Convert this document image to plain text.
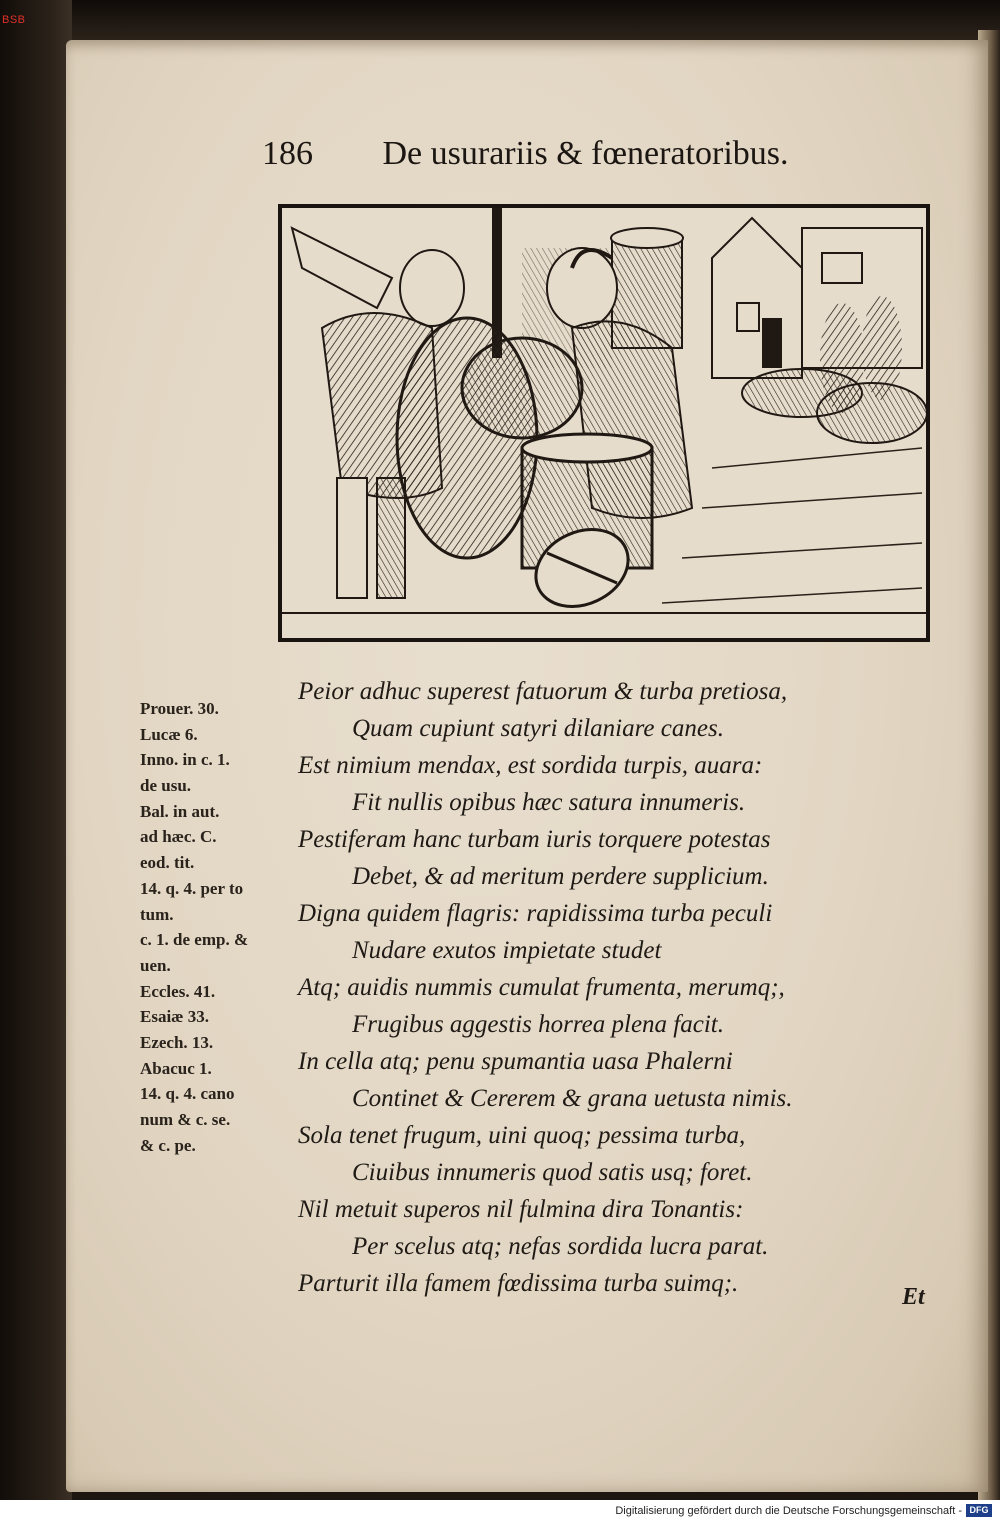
BSB
186 De usurariis & fœneratoribus.
Peior adhuc superest fatuorum & turba pretiosa,
Quam cupiunt satyri dilaniare canes.
Est nimium mendax, est sordida turpis, auara:
Fit nullis opibus hæc satura innumeris.
Pestiferam hanc turbam iuris torquere potestas
Debet, & ad meritum perdere supplicium.
Digna quidem flagris: rapidissima turba peculi
Nudare exutos impietate studet
Atq; auidis nummis cumulat frumenta, merumq;,
Frugibus aggestis horrea plena facit.
In cella atq; penu spumantia uasa Phalerni
Continet & Cererem & grana uetusta nimis.
Sola tenet frugum, uini quoq; pessima turba,
Ciuibus innumeris quod satis usq; foret.
Nil metuit superos nil fulmina dira Tonantis:
Per scelus atq; nefas sordida lucra parat.
Parturit illa famem fœdissima turba suimq;.
Prouer. 30.
Lucæ 6.
Inno. in c. 1.
de usu.
Bal. in aut.
ad hæc. C.
eod. tit.
14. q. 4. per to
tum.
c. 1. de emp. &
uen.
Eccles. 41.
Esaiæ 33.
Ezech. 13.
Abacuc 1.
14. q. 4. cano
num & c. se.
& c. pe.
Et
Digitalisierung gefördert durch die Deutsche Forschungsgemeinschaft - DFG
